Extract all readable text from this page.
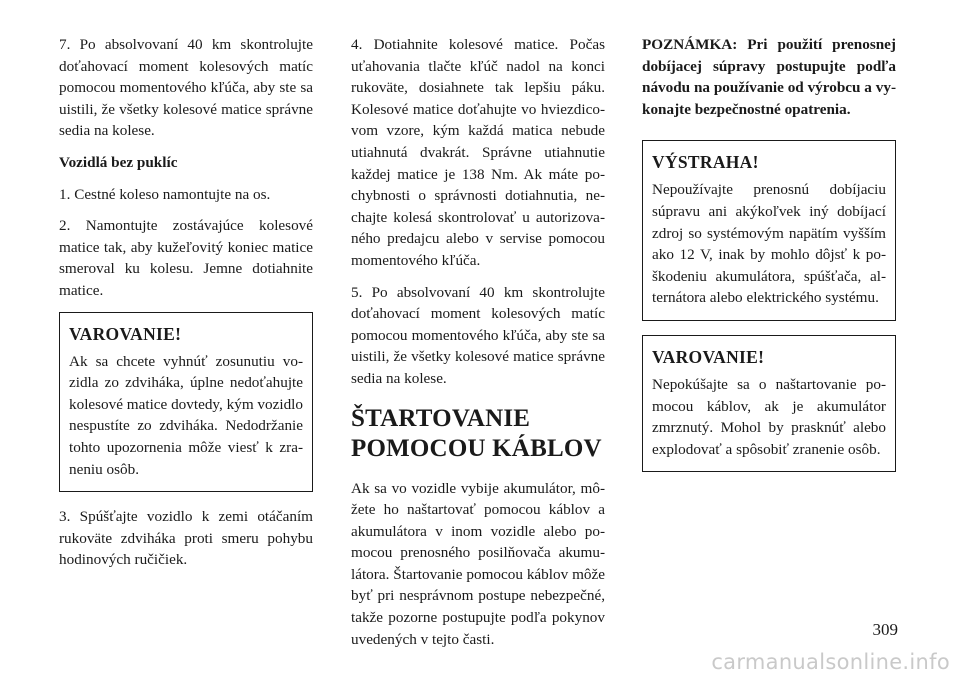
7. Po absolvovaní 40 km skontrolujte doťahovací moment kolesových matíc pomocou momentového kľúča, aby ste sa uistili, že všetky kolesové matice správne sedia na kolese.

Vozidlá bez puklíc

1. Cestné koleso namontujte na os.

2. Namontujte zostávajúce kolesové matice tak, aby kužeľovitý koniec matice smeroval ku kolesu. Jemne dotiahnite matice.

VAROVANIE!

Ak sa chcete vyhnúť zosunutiu vozidla zo zdviháka, úplne nedoťahujte kolesové matice dovtedy, kým vozidlo nespustíte zo zdviháka. Nedodržanie tohto upozornenia môže viesť k zraneniu osôb.

3. Spúšťajte vozidlo k zemi otáčaním rukoväte zdviháka proti smeru pohybu hodinových ručičiek.

4. Dotiahnite kolesové matice. Počas uťahovania tlačte kľúč nadol na konci rukoväte, dosiahnete tak lepšiu páku. Kolesové matice doťahujte vo hviezdicovom vzore, kým každá matica nebude utiahnutá dvakrát. Správne utiahnutie každej matice je 138 Nm. Ak máte pochybnosti o správnosti dotiahnutia, nechajte kolesá skontrolovať u autorizovaného predajcu alebo v servise pomocou momentového kľúča.

5. Po absolvovaní 40 km skontrolujte doťahovací moment kolesových matíc pomocou momentového kľúča, aby ste sa uistili, že všetky kolesové matice správne sedia na kolese.

ŠTARTOVANIE
POMOCOU KÁBLOV

Ak sa vo vozidle vybije akumulátor, môžete ho naštartovať pomocou káblov a akumulátora v inom vozidle alebo pomocou prenosného posilňovača akumulátora. Štartovanie pomocou káblov môže byť pri nesprávnom postupe nebezpečné, takže pozorne postupujte podľa pokynov uvedených v tejto časti.

POZNÁMKA: Pri použití prenosnej dobíjacej súpravy postupujte podľa návodu na používanie od výrobcu a vykonajte bezpečnostné opatrenia.

VÝSTRAHA!

Nepoužívajte prenosnú dobíjaciu súpravu ani akýkoľvek iný dobíjací zdroj so systémovým napätím vyšším ako 12 V, inak by mohlo dôjsť k poškodeniu akumulátora, spúšťača, alternátora alebo elektrického systému.

VAROVANIE!

Nepokúšajte sa o naštartovanie pomocou káblov, ak je akumulátor zmrznutý. Mohol by prasknúť alebo explodovať a spôsobiť zranenie osôb.

309
carmanualsonline.info
